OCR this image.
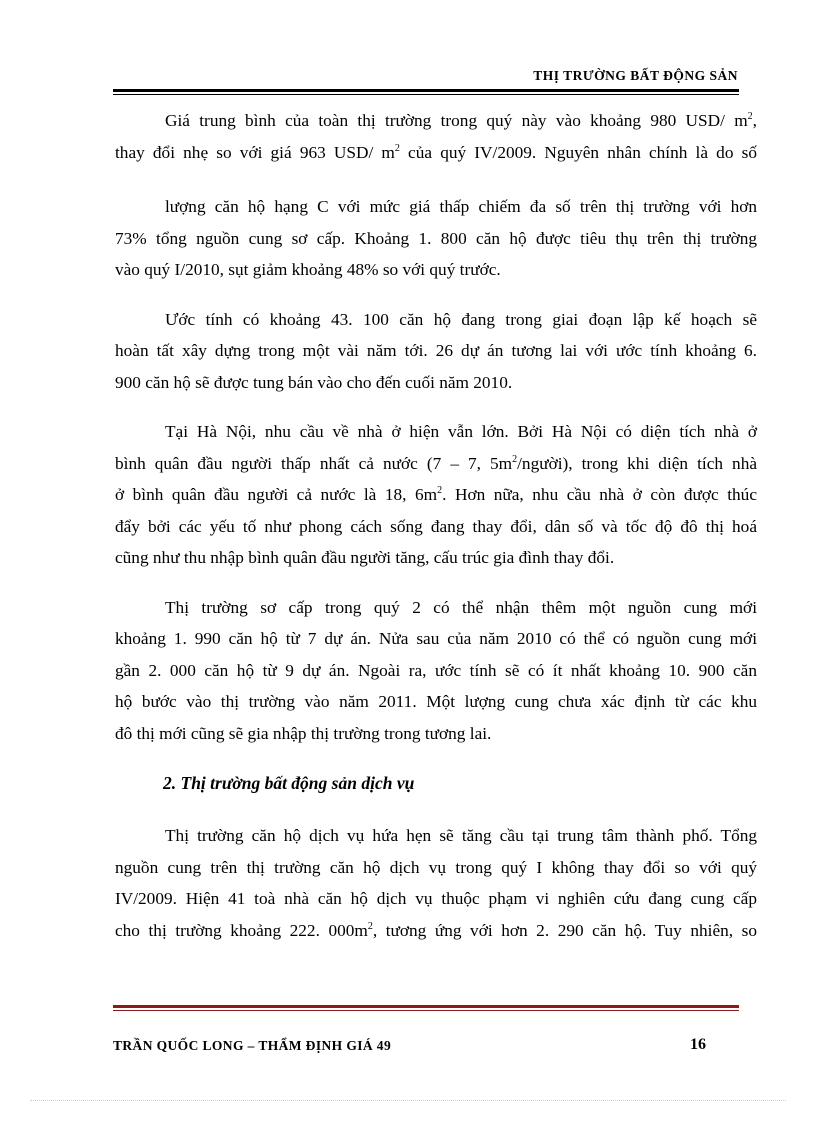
THỊ TRƯỜNG BẤT ĐỘNG SẢN

Giá trung bình của toàn thị trường trong quý này vào khoảng 980 USD/ $m^2$,
thay đổi nhẹ so với giá 963 USD/ $m^2$ của quý IV/2009. Nguyên nhân chính là do số

lượng căn hộ hạng C với mức giá thấp chiếm đa số trên thị trường với hơn
73% tổng nguồn cung sơ cấp. Khoảng 1. 800 căn hộ được tiêu thụ trên thị trường
vào quý I/2010, sụt giảm khoảng 48% so với quý trước.

Ước tính có khoảng 43. 100 căn hộ đang trong giai đoạn lập kế hoạch sẽ
hoàn tất xây dựng trong một vài năm tới. 26 dự án tương lai với ước tính khoảng 6.
900 căn hộ sẽ được tung bán vào cho đến cuối năm 2010.

Tại Hà Nội, nhu cầu về nhà ở hiện vẫn lớn. Bởi Hà Nội có diện tích nhà ở
bình quân đầu người thấp nhất cả nước (7 – 7, $5m^2/người$), trong khi diện tích nhà
ở bình quân đầu người cả nước là 18, $6m^2$. Hơn nữa, nhu cầu nhà ở còn được thúc
đẩy bởi các yếu tố như phong cách sống đang thay đổi, dân số và tốc độ đô thị hoá
cũng như thu nhập bình quân đầu người tăng, cấu trúc gia đình thay đổi.

Thị trường sơ cấp trong quý 2 có thể nhận thêm một nguồn cung mới
khoảng 1. 990 căn hộ từ 7 dự án. Nửa sau của năm 2010 có thể có nguồn cung mới
gần 2. 000 căn hộ từ 9 dự án. Ngoài ra, ước tính sẽ có ít nhất khoảng 10. 900 căn
hộ bước vào thị trường vào năm 2011. Một lượng cung chưa xác định từ các khu
đô thị mới cũng sẽ gia nhập thị trường trong tương lai.

2. Thị trường bất động sản dịch vụ

Thị trường căn hộ dịch vụ hứa hẹn sẽ tăng cầu tại trung tâm thành phố. Tổng
nguồn cung trên thị trường căn hộ dịch vụ trong quý I không thay đổi so với quý
IV/2009. Hiện 41 toà nhà căn hộ dịch vụ thuộc phạm vi nghiên cứu đang cung cấp
cho thị trường khoảng 222. $000m^2$, tương ứng với hơn 2. 290 căn hộ. Tuy nhiên, so

TRẦN QUỐC LONG – THẨM ĐỊNH GIÁ 49	16
